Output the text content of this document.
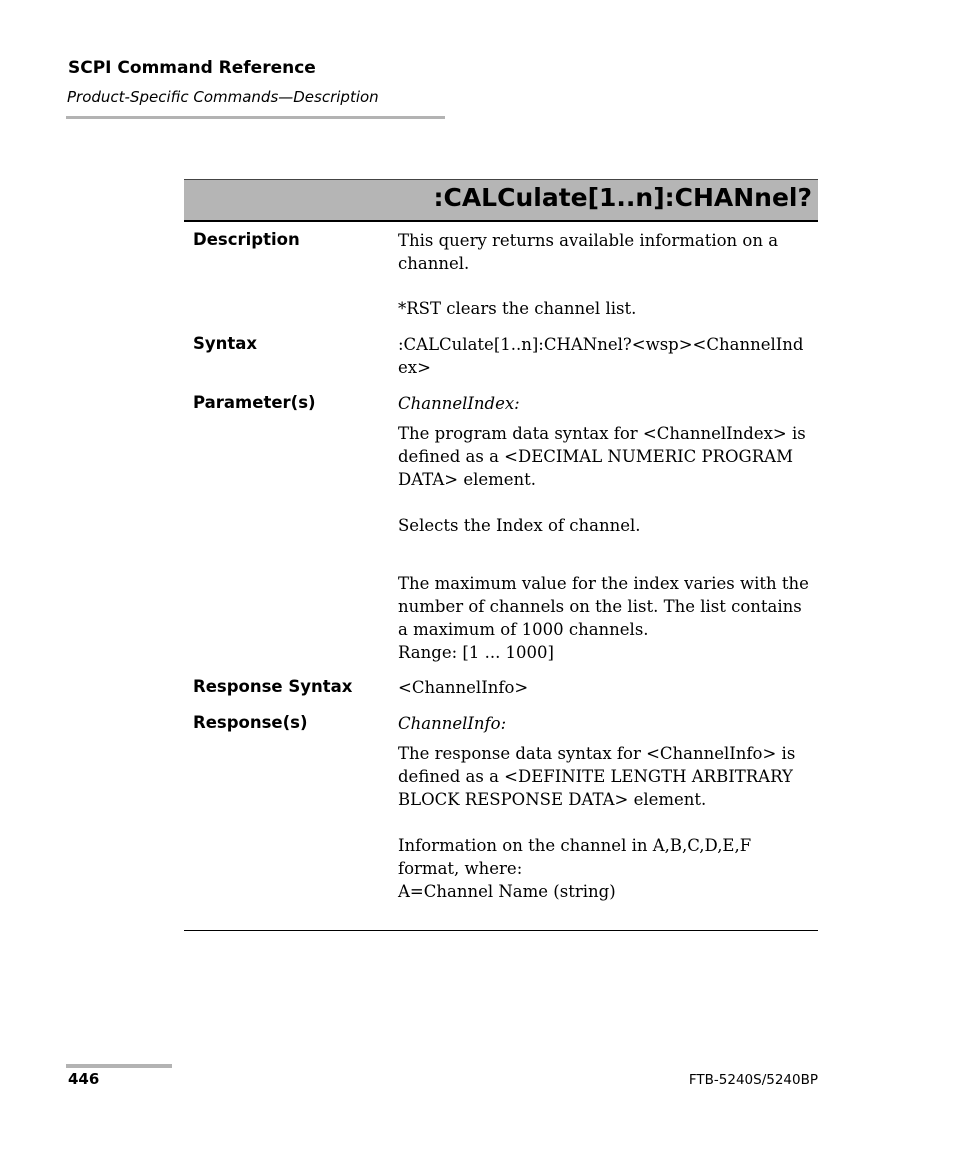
SCPI Command Reference
Product-Specific Commands—Description
:CALCulate[1..n]:CHANnel?
Description	This query returns available information on a
channel.
*RST clears the channel list.
Syntax	:CALCulate[1..n]:CHANnel?<wsp><ChannelInd
ex>
Parameter(s)	ChannelIndex:
The program data syntax for <ChannelIndex> is
defined as a <DECIMAL NUMERIC PROGRAM
DATA> element.
Selects the Index of channel.
The maximum value for the index varies with the
number of channels on the list. The list contains
a maximum of 1000 channels.
Range: [1 ... 1000]
Response Syntax	<ChannelInfo>
Response(s)	ChannelInfo:
The response data syntax for <ChannelInfo> is
defined as a <DEFINITE LENGTH ARBITRARY
BLOCK RESPONSE DATA> element.
Information on the channel in A,B,C,D,E,F
format, where:
A=Channel Name (string)
446	FTB-5240S/5240BP
